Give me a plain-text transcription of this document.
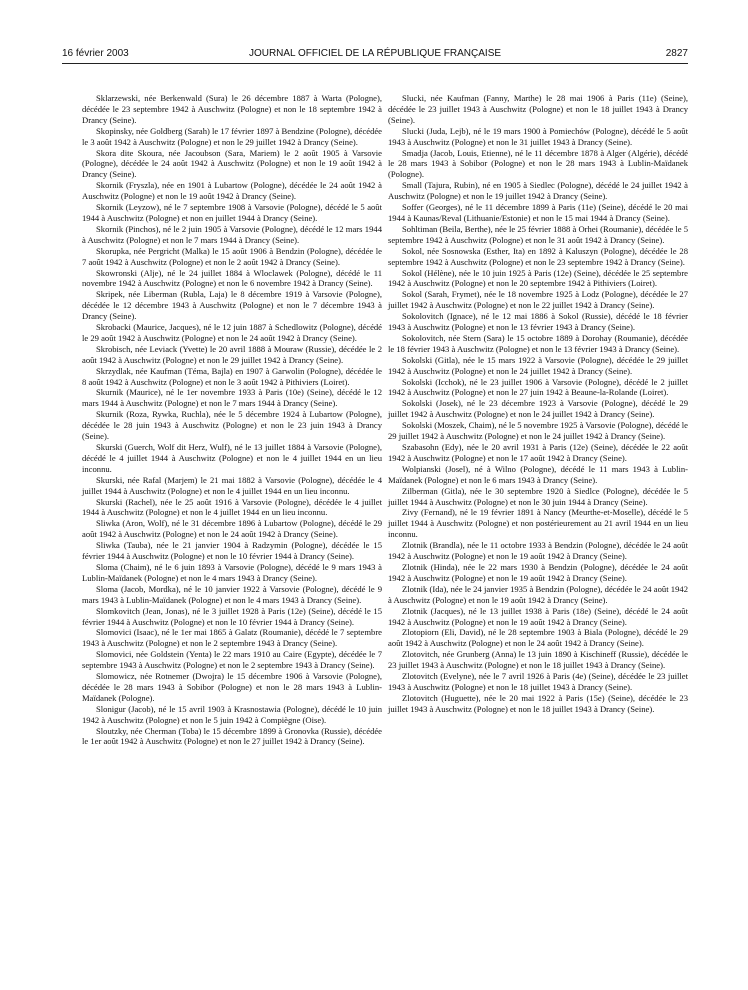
16 février 2003	JOURNAL OFFICIEL DE LA RÉPUBLIQUE FRANÇAISE	2827

Sklarzewski, née Berkenwald (Sura) le 26 décembre 1887 à Warta (Pologne), décédée le 23 septembre 1942 à Auschwitz (Pologne) et non le 18 septembre 1942 à Drancy (Seine).

Skopinsky, née Goldberg (Sarah) le 17 février 1897 à Bendzine (Pologne), décédée le 3 août 1942 à Auschwitz (Pologne) et non le 29 juillet 1942 à Drancy (Seine).

Skora dite Skoura, née Jacoubson (Sara, Mariem) le 2 août 1905 à Varsovie (Pologne), décédée le 24 août 1942 à Auschwitz (Pologne) et non le 19 août 1942 à Drancy (Seine).

Skornik (Fryszla), née en 1901 à Lubartow (Pologne), décédée le 24 août 1942 à Auschwitz (Pologne) et non le 19 août 1942 à Drancy (Seine).

Skornik (Leyzow), né le 7 septembre 1908 à Varsovie (Pologne), décédé le 5 août 1944 à Auschwitz (Pologne) et non en juillet 1944 à Drancy (Seine).

Skornik (Pinchos), né le 2 juin 1905 à Varsovie (Pologne), décédé le 12 mars 1944 à Auschwitz (Pologne) et non le 7 mars 1944 à Drancy (Seine).

Skorupka, née Pergricht (Malka) le 15 août 1906 à Bendzin (Pologne), décédée le 7 août 1942 à Auschwitz (Pologne) et non le 2 août 1942 à Drancy (Seine).

Skowronski (Alje), né le 24 juillet 1884 à Wloclawek (Pologne), décédé le 11 novembre 1942 à Auschwitz (Pologne) et non le 6 novembre 1942 à Drancy (Seine).

Skripek, née Liberman (Rubla, Laja) le 8 décembre 1919 à Varsovie (Pologne), décédée le 12 décembre 1943 à Auschwitz (Pologne) et non le 7 décembre 1943 à Drancy (Seine).

Skrobacki (Maurice, Jacques), né le 12 juin 1887 à Schedlowitz (Pologne), décédé le 29 août 1942 à Auschwitz (Pologne) et non le 24 août 1942 à Drancy (Seine).

Skrobisch, née Leviack (Yvette) le 20 avril 1888 à Mouraw (Russie), décédée le 2 août 1942 à Auschwitz (Pologne) et non le 29 juillet 1942 à Drancy (Seine).

Skrzydlak, née Kaufman (Téma, Bajla) en 1907 à Garwolin (Pologne), décédée le 8 août 1942 à Auschwitz (Pologne) et non le 3 août 1942 à Pithiviers (Loiret).

Skurnik (Maurice), né le 1er novembre 1933 à Paris (10e) (Seine), décédé le 12 mars 1944 à Auschwitz (Pologne) et non le 7 mars 1944 à Drancy (Seine).

Skurnik (Roza, Rywka, Ruchla), née le 5 décembre 1924 à Lubartow (Pologne), décédée le 28 juin 1943 à Auschwitz (Pologne) et non le 23 juin 1943 à Drancy (Seine).

Skurski (Guerch, Wolf dit Herz, Wulf), né le 13 juillet 1884 à Varsovie (Pologne), décédé le 4 juillet 1944 à Auschwitz (Pologne) et non le 4 juillet 1944 en un lieu inconnu.

Skurski, née Rafal (Marjem) le 21 mai 1882 à Varsovie (Pologne), décédée le 4 juillet 1944 à Auschwitz (Pologne) et non le 4 juillet 1944 en un lieu inconnu.

Skurski (Rachel), née le 25 août 1916 à Varsovie (Pologne), décédée le 4 juillet 1944 à Auschwitz (Pologne) et non le 4 juillet 1944 en un lieu inconnu.

Sliwka (Aron, Wolf), né le 31 décembre 1896 à Lubartow (Pologne), décédé le 29 août 1942 à Auschwitz (Pologne) et non le 24 août 1942 à Drancy (Seine).

Sliwka (Tauba), née le 21 janvier 1904 à Radzymin (Pologne), décédée le 15 février 1944 à Auschwitz (Pologne) et non le 10 février 1944 à Drancy (Seine).

Sloma (Chaim), né le 6 juin 1893 à Varsovie (Pologne), décédé le 9 mars 1943 à Lublin-Maïdanek (Pologne) et non le 4 mars 1943 à Drancy (Seine).

Sloma (Jacob, Mordka), né le 10 janvier 1922 à Varsovie (Pologne), décédé le 9 mars 1943 à Lublin-Maïdanek (Pologne) et non le 4 mars 1943 à Drancy (Seine).

Slomkovitch (Jean, Jonas), né le 3 juillet 1928 à Paris (12e) (Seine), décédé le 15 février 1944 à Auschwitz (Pologne) et non le 10 février 1944 à Drancy (Seine).

Slomovici (Isaac), né le 1er mai 1865 à Galatz (Roumanie), décédé le 7 septembre 1943 à Auschwitz (Pologne) et non le 2 septembre 1943 à Drancy (Seine).

Slomovici, née Goldstein (Yenta) le 22 mars 1910 au Caire (Egypte), décédée le 7 septembre 1943 à Auschwitz (Pologne) et non le 2 septembre 1943 à Drancy (Seine).

Slomowicz, née Rotnemer (Dwojra) le 15 décembre 1906 à Varsovie (Pologne), décédée le 28 mars 1943 à Sobibor (Pologne) et non le 28 mars 1943 à Lublin-Maïdanek (Pologne).

Slonigur (Jacob), né le 15 avril 1903 à Krasnostawia (Pologne), décédé le 10 juin 1942 à Auschwitz (Pologne) et non le 5 juin 1942 à Compiègne (Oise).

Sloutzky, née Cherman (Toba) le 15 décembre 1899 à Gronovka (Russie), décédée le 1er août 1942 à Auschwitz (Pologne) et non le 27 juillet 1942 à Drancy (Seine).

Slucki, née Kaufman (Fanny, Marthe) le 28 mai 1906 à Paris (11e) (Seine), décédée le 23 juillet 1943 à Auschwitz (Pologne) et non le 18 juillet 1943 à Drancy (Seine).

Slucki (Juda, Lejb), né le 19 mars 1900 à Pomiechów (Pologne), décédé le 5 août 1943 à Auschwitz (Pologne) et non le 31 juillet 1943 à Drancy (Seine).

Smadja (Jacob, Louis, Etienne), né le 11 décembre 1878 à Alger (Algérie), décédé le 28 mars 1943 à Sobibor (Pologne) et non le 28 mars 1943 à Lublin-Maïdanek (Pologne).

Small (Tajura, Rubin), né en 1905 à Siedlec (Pologne), décédé le 24 juillet 1942 à Auschwitz (Pologne) et non le 19 juillet 1942 à Drancy (Seine).

Soffer (Georges), né le 11 décembre 1899 à Paris (11e) (Seine), décédé le 20 mai 1944 à Kaunas/Reval (Lithuanie/Estonie) et non le 15 mai 1944 à Drancy (Seine).

Sohltiman (Beila, Berthe), née le 25 février 1888 à Orhei (Roumanie), décédée le 5 septembre 1942 à Auschwitz (Pologne) et non le 31 août 1942 à Drancy (Seine).

Sokol, née Sosnowska (Esther, Ita) en 1892 à Kaluszyn (Pologne), décédée le 28 septembre 1942 à Auschwitz (Pologne) et non le 23 septembre 1942 à Drancy (Seine).

Sokol (Hélène), née le 10 juin 1925 à Paris (12e) (Seine), décédée le 25 septembre 1942 à Auschwitz (Pologne) et non le 20 septembre 1942 à Pithiviers (Loiret).

Sokol (Sarah, Frymet), née le 18 novembre 1925 à Lodz (Pologne), décédée le 27 juillet 1942 à Auschwitz (Pologne) et non le 22 juillet 1942 à Drancy (Seine).

Sokolovitch (Ignace), né le 12 mai 1886 à Sokol (Russie), décédé le 18 février 1943 à Auschwitz (Pologne) et non le 13 février 1943 à Drancy (Seine).

Sokolovitch, née Stern (Sara) le 15 octobre 1889 à Dorohay (Roumanie), décédée le 18 février 1943 à Auschwitz (Pologne) et non le 13 février 1943 à Drancy (Seine).

Sokolski (Gitla), née le 15 mars 1922 à Varsovie (Pologne), décédée le 29 juillet 1942 à Auschwitz (Pologne) et non le 24 juillet 1942 à Drancy (Seine).

Sokolski (Icchok), né le 23 juillet 1906 à Varsovie (Pologne), décédé le 2 juillet 1942 à Auschwitz (Pologne) et non le 27 juin 1942 à Beaune-la-Rolande (Loiret).

Sokolski (Josek), né le 23 décembre 1923 à Varsovie (Pologne), décédé le 29 juillet 1942 à Auschwitz (Pologne) et non le 24 juillet 1942 à Drancy (Seine).

Sokolski (Moszek, Chaim), né le 5 novembre 1925 à Varsovie (Pologne), décédé le 29 juillet 1942 à Auschwitz (Pologne) et non le 24 juillet 1942 à Drancy (Seine).

Szabasohn (Edy), née le 20 avril 1931 à Paris (12e) (Seine), décédée le 22 août 1942 à Auschwitz (Pologne) et non le 17 août 1942 à Drancy (Seine).

Wolpianski (Josel), né à Wilno (Pologne), décédé le 11 mars 1943 à Lublin-Maïdanek (Pologne) et non le 6 mars 1943 à Drancy (Seine).

Zilberman (Gitla), née le 30 septembre 1920 à Siedlce (Pologne), décédée le 5 juillet 1944 à Auschwitz (Pologne) et non le 30 juin 1944 à Drancy (Seine).

Zivy (Fernand), né le 19 février 1891 à Nancy (Meurthe-et-Moselle), décédé le 5 juillet 1944 à Auschwitz (Pologne) et non postérieurement au 21 avril 1944 en un lieu inconnu.

Zlotnik (Brandla), née le 11 octobre 1933 à Bendzin (Pologne), décédée le 24 août 1942 à Auschwitz (Pologne) et non le 19 août 1942 à Drancy (Seine).

Zlotnik (Hinda), née le 22 mars 1930 à Bendzin (Pologne), décédée le 24 août 1942 à Auschwitz (Pologne) et non le 19 août 1942 à Drancy (Seine).

Zlotnik (Ida), née le 24 janvier 1935 à Bendzin (Pologne), décédée le 24 août 1942 à Auschwitz (Pologne) et non le 19 août 1942 à Drancy (Seine).

Zlotnik (Jacques), né le 13 juillet 1938 à Paris (18e) (Seine), décédé le 24 août 1942 à Auschwitz (Pologne) et non le 19 août 1942 à Drancy (Seine).

Zlotopiorn (Eli, David), né le 28 septembre 1903 à Biala (Pologne), décédé le 29 août 1942 à Auschwitz (Pologne) et non le 24 août 1942 à Drancy (Seine).

Zlotovitch, née Grunberg (Anna) le 13 juin 1890 à Kischineff (Russie), décédée le 23 juillet 1943 à Auschwitz (Pologne) et non le 18 juillet 1943 à Drancy (Seine).

Zlotovitch (Evelyne), née le 7 avril 1926 à Paris (4e) (Seine), décédée le 23 juillet 1943 à Auschwitz (Pologne) et non le 18 juillet 1943 à Drancy (Seine).

Zlotovitch (Huguette), née le 20 mai 1922 à Paris (15e) (Seine), décédée le 23 juillet 1943 à Auschwitz (Pologne) et non le 18 juillet 1943 à Drancy (Seine).
